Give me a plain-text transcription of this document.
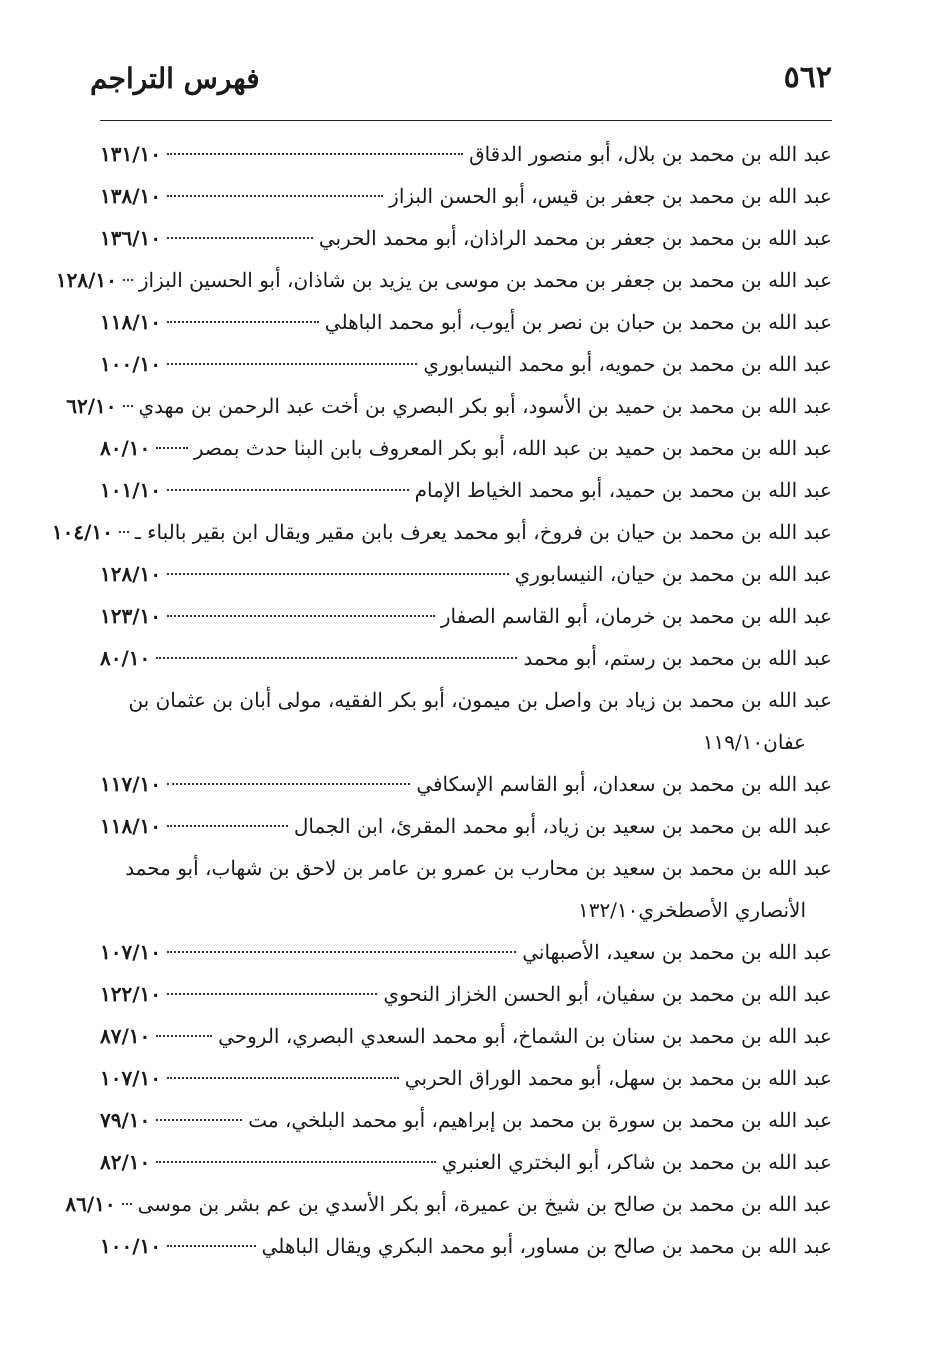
٥٦٢
فهرس التراجم
عبد الله بن محمد بن بلال، أبو منصور الدقاق
١٣١/١٠
عبد الله بن محمد بن جعفر بن قيس، أبو الحسن البزاز
١٣٨/١٠
عبد الله بن محمد بن جعفر بن محمد الراذان، أبو محمد الحربي
١٣٦/١٠
عبد الله بن محمد بن جعفر بن محمد بن موسى بن يزيد بن شاذان، أبو الحسين البزاز
١٢٨/١٠
عبد الله بن محمد بن حبان بن نصر بن أيوب، أبو محمد الباهلي
١١٨/١٠
عبد الله بن محمد بن حمويه، أبو محمد النيسابوري
١٠٠/١٠
عبد الله بن محمد بن حميد بن الأسود، أبو بكر البصري بن أخت عبد الرحمن بن مهدي
٦٢/١٠
عبد الله بن محمد بن حميد بن عبد الله، أبو بكر المعروف بابن البنا حدث بمصر
٨٠/١٠
عبد الله بن محمد بن حميد، أبو محمد الخياط الإمام
١٠١/١٠
عبد الله بن محمد بن حيان بن فروخ، أبو محمد يعرف بابن مقير ويقال ابن بقير بالباء ـ
١٠٤/١٠
عبد الله بن محمد بن حيان، النيسابوري
١٢٨/١٠
عبد الله بن محمد بن خرمان، أبو القاسم الصفار
١٢٣/١٠
عبد الله بن محمد بن رستم، أبو محمد
٨٠/١٠
عبد الله بن محمد بن زياد بن واصل بن ميمون، أبو بكر الفقيه، مولى أبان بن عثمان بن
عفان
١١٩/١٠
عبد الله بن محمد بن سعدان، أبو القاسم الإسكافي
١١٧/١٠
عبد الله بن محمد بن سعيد بن زياد، أبو محمد المقرئ، ابن الجمال
١١٨/١٠
عبد الله بن محمد بن سعيد بن محارب بن عمرو بن عامر بن لاحق بن شهاب، أبو محمد
الأنصاري الأصطخري
١٣٢/١٠
عبد الله بن محمد بن سعيد، الأصبهاني
١٠٧/١٠
عبد الله بن محمد بن سفيان، أبو الحسن الخزاز النحوي
١٢٢/١٠
عبد الله بن محمد بن سنان بن الشماخ، أبو محمد السعدي البصري، الروحي
٨٧/١٠
عبد الله بن محمد بن سهل، أبو محمد الوراق الحربي
١٠٧/١٠
عبد الله بن محمد بن سورة بن محمد بن إبراهيم، أبو محمد البلخي، مت
٧٩/١٠
عبد الله بن محمد بن شاكر، أبو البختري العنبري
٨٢/١٠
عبد الله بن محمد بن صالح بن شيخ بن عميرة، أبو بكر الأسدي بن عم بشر بن موسى
٨٦/١٠
عبد الله بن محمد بن صالح بن مساور، أبو محمد البكري ويقال الباهلي
١٠٠/١٠
